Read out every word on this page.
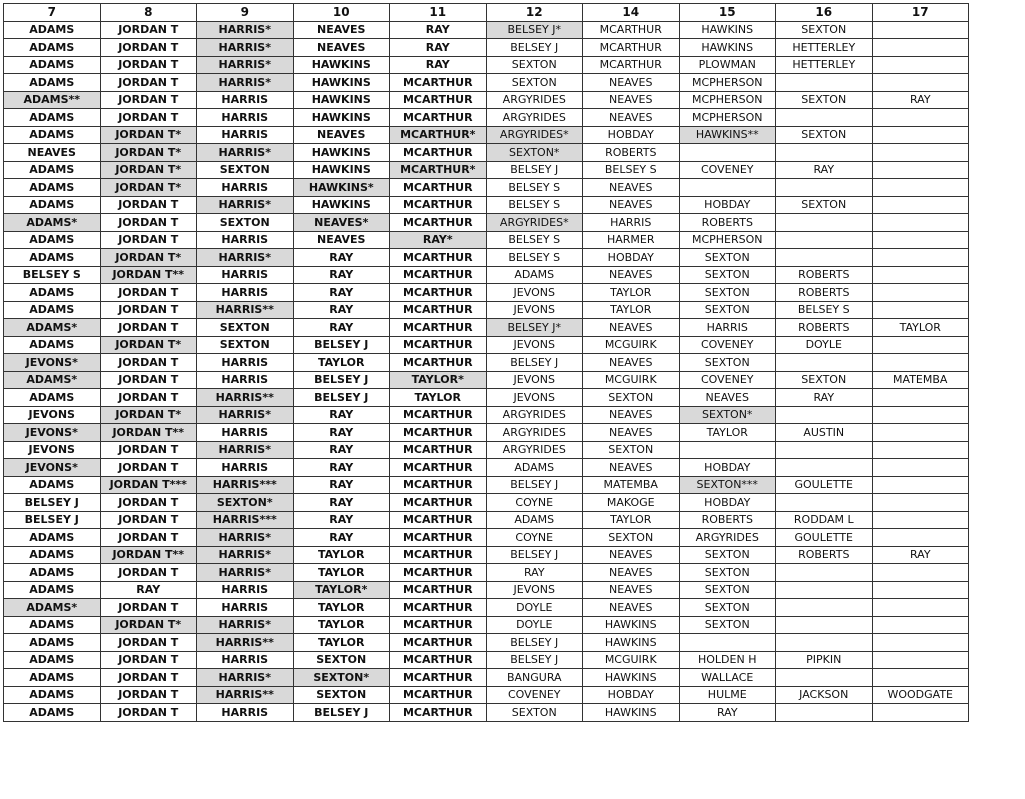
7	8	9	10	11	12	14	15	16	17
ADAMS	JORDAN T	HARRIS*	NEAVES	RAY	BELSEY J*	MCARTHUR	HAWKINS	SEXTON	
ADAMS	JORDAN T	HARRIS*	NEAVES	RAY	BELSEY J	MCARTHUR	HAWKINS	HETTERLEY	
ADAMS	JORDAN T	HARRIS*	HAWKINS	RAY	SEXTON	MCARTHUR	PLOWMAN	HETTERLEY	
ADAMS	JORDAN T	HARRIS*	HAWKINS	MCARTHUR	SEXTON	NEAVES	MCPHERSON		
ADAMS**	JORDAN T	HARRIS	HAWKINS	MCARTHUR	ARGYRIDES	NEAVES	MCPHERSON	SEXTON	RAY
ADAMS	JORDAN T	HARRIS	HAWKINS	MCARTHUR	ARGYRIDES	NEAVES	MCPHERSON		
ADAMS	JORDAN T*	HARRIS	NEAVES	MCARTHUR*	ARGYRIDES*	HOBDAY	HAWKINS**	SEXTON	
NEAVES	JORDAN T*	HARRIS*	HAWKINS	MCARTHUR	SEXTON*	ROBERTS			
ADAMS	JORDAN T*	SEXTON	HAWKINS	MCARTHUR*	BELSEY J	BELSEY S	COVENEY	RAY	
ADAMS	JORDAN T*	HARRIS	HAWKINS*	MCARTHUR	BELSEY S	NEAVES			
ADAMS	JORDAN T	HARRIS*	HAWKINS	MCARTHUR	BELSEY S	NEAVES	HOBDAY	SEXTON	
ADAMS*	JORDAN T	SEXTON	NEAVES*	MCARTHUR	ARGYRIDES*	HARRIS	ROBERTS		
ADAMS	JORDAN T	HARRIS	NEAVES	RAY*	BELSEY S	HARMER	MCPHERSON		
ADAMS	JORDAN T*	HARRIS*	RAY	MCARTHUR	BELSEY S	HOBDAY	SEXTON		
BELSEY S	JORDAN T**	HARRIS	RAY	MCARTHUR	ADAMS	NEAVES	SEXTON	ROBERTS	
ADAMS	JORDAN T	HARRIS	RAY	MCARTHUR	JEVONS	TAYLOR	SEXTON	ROBERTS	
ADAMS	JORDAN T	HARRIS**	RAY	MCARTHUR	JEVONS	TAYLOR	SEXTON	BELSEY S	
ADAMS*	JORDAN T	SEXTON	RAY	MCARTHUR	BELSEY J*	NEAVES	HARRIS	ROBERTS	TAYLOR
ADAMS	JORDAN T*	SEXTON	BELSEY J	MCARTHUR	JEVONS	MCGUIRK	COVENEY	DOYLE	
JEVONS*	JORDAN T	HARRIS	TAYLOR	MCARTHUR	BELSEY J	NEAVES	SEXTON		
ADAMS*	JORDAN T	HARRIS	BELSEY J	TAYLOR*	JEVONS	MCGUIRK	COVENEY	SEXTON	MATEMBA
ADAMS	JORDAN T	HARRIS**	BELSEY J	TAYLOR	JEVONS	SEXTON	NEAVES	RAY	
JEVONS	JORDAN T*	HARRIS*	RAY	MCARTHUR	ARGYRIDES	NEAVES	SEXTON*		
JEVONS*	JORDAN T**	HARRIS	RAY	MCARTHUR	ARGYRIDES	NEAVES	TAYLOR	AUSTIN	
JEVONS	JORDAN T	HARRIS*	RAY	MCARTHUR	ARGYRIDES	SEXTON			
JEVONS*	JORDAN T	HARRIS	RAY	MCARTHUR	ADAMS	NEAVES	HOBDAY		
ADAMS	JORDAN T***	HARRIS***	RAY	MCARTHUR	BELSEY J	MATEMBA	SEXTON***	GOULETTE	
BELSEY J	JORDAN T	SEXTON*	RAY	MCARTHUR	COYNE	MAKOGE	HOBDAY		
BELSEY J	JORDAN T	HARRIS***	RAY	MCARTHUR	ADAMS	TAYLOR	ROBERTS	RODDAM L	
ADAMS	JORDAN T	HARRIS*	RAY	MCARTHUR	COYNE	SEXTON	ARGYRIDES	GOULETTE	
ADAMS	JORDAN T**	HARRIS*	TAYLOR	MCARTHUR	BELSEY J	NEAVES	SEXTON	ROBERTS	RAY
ADAMS	JORDAN T	HARRIS*	TAYLOR	MCARTHUR	RAY	NEAVES	SEXTON		
ADAMS	RAY	HARRIS	TAYLOR*	MCARTHUR	JEVONS	NEAVES	SEXTON		
ADAMS*	JORDAN T	HARRIS	TAYLOR	MCARTHUR	DOYLE	NEAVES	SEXTON		
ADAMS	JORDAN T*	HARRIS*	TAYLOR	MCARTHUR	DOYLE	HAWKINS	SEXTON		
ADAMS	JORDAN T	HARRIS**	TAYLOR	MCARTHUR	BELSEY J	HAWKINS			
ADAMS	JORDAN T	HARRIS	SEXTON	MCARTHUR	BELSEY J	MCGUIRK	HOLDEN H	PIPKIN	
ADAMS	JORDAN T	HARRIS*	SEXTON*	MCARTHUR	BANGURA	HAWKINS	WALLACE		
ADAMS	JORDAN T	HARRIS**	SEXTON	MCARTHUR	COVENEY	HOBDAY	HULME	JACKSON	WOODGATE
ADAMS	JORDAN T	HARRIS	BELSEY J	MCARTHUR	SEXTON	HAWKINS	RAY		
